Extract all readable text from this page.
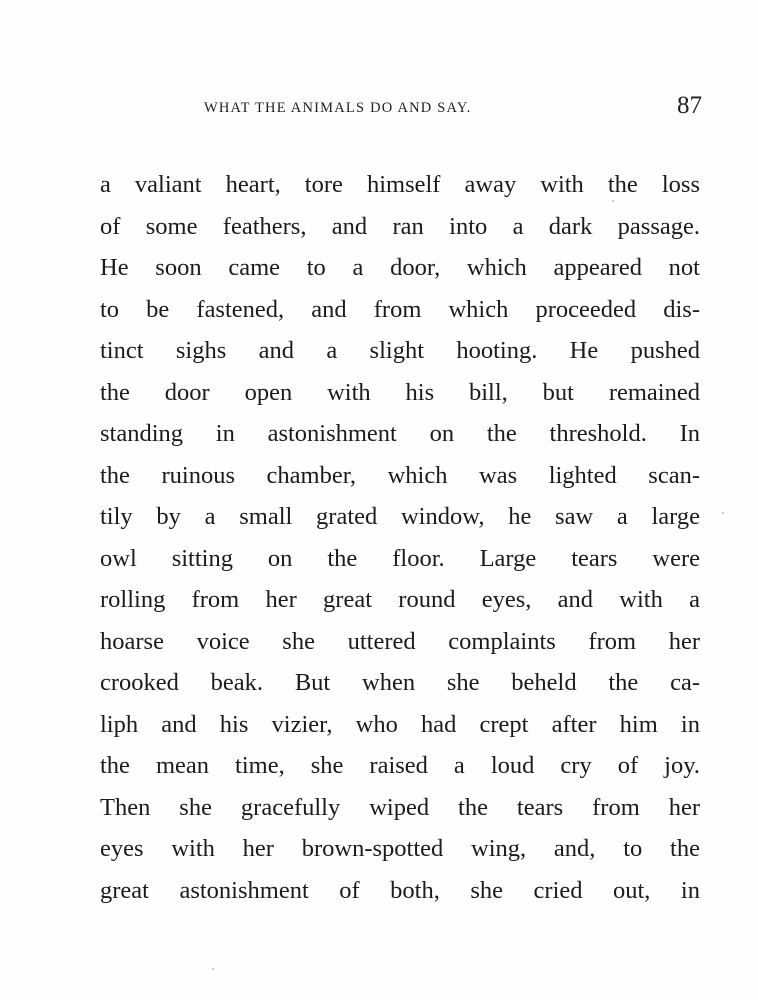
WHAT THE ANIMALS DO AND SAY.	87
a valiant heart, tore himself away with the loss
of some feathers, and ran into a dark passage.
He soon came to a door, which appeared not
to be fastened, and from which proceeded dis-
tinct sighs and a slight hooting. He pushed
the door open with his bill, but remained
standing in astonishment on the threshold. In
the ruinous chamber, which was lighted scan-
tily by a small grated window, he saw a large
owl sitting on the floor. Large tears were
rolling from her great round eyes, and with a
hoarse voice she uttered complaints from her
crooked beak. But when she beheld the ca-
liph and his vizier, who had crept after him in
the mean time, she raised a loud cry of joy.
Then she gracefully wiped the tears from her
eyes with her brown-spotted wing, and, to the
great astonishment of both, she cried out, in
